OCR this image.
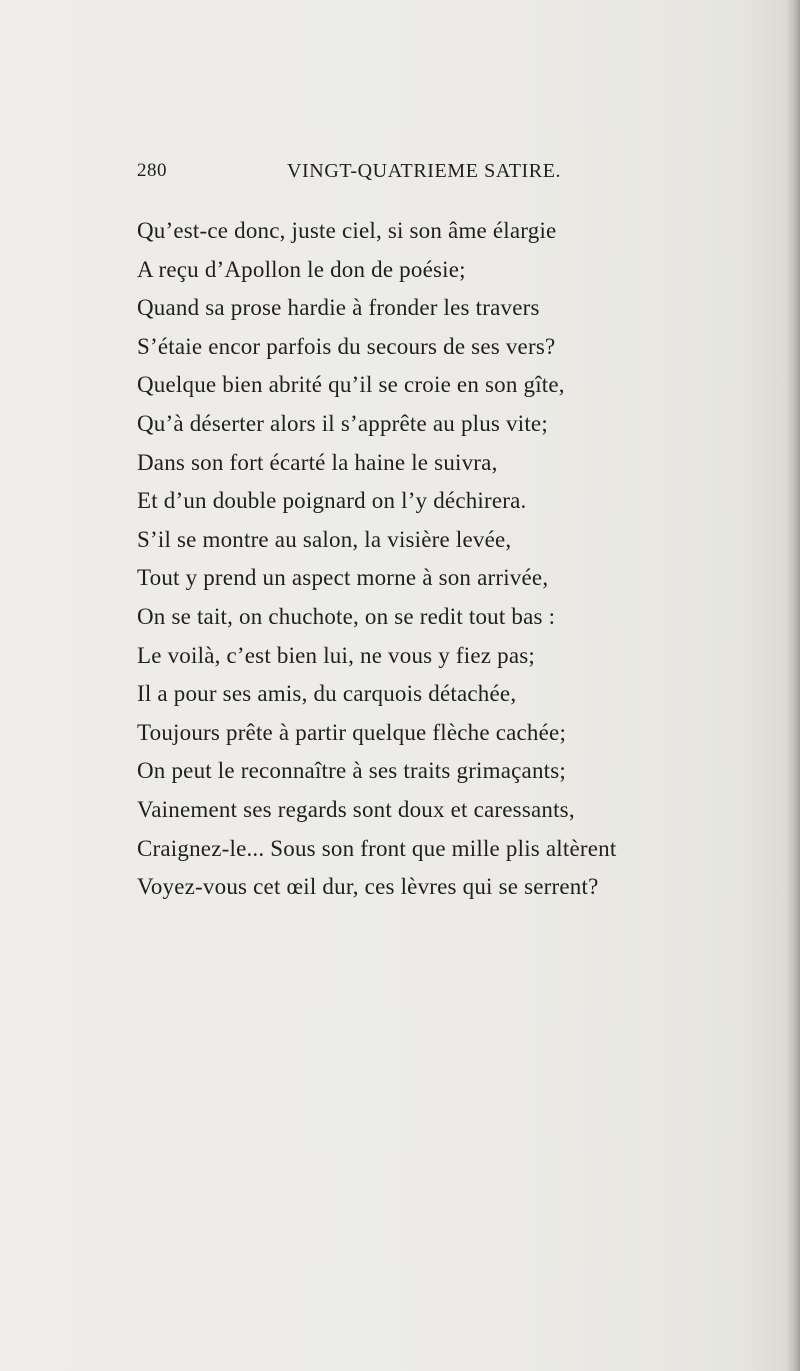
280	VINGT-QUATRIEME SATIRE.
Qu’est-ce donc, juste ciel, si son âme élargie
A reçu d’Apollon le don de poésie;
Quand sa prose hardie à fronder les travers
S’étaie encor parfois du secours de ses vers?
Quelque bien abrité qu’il se croie en son gîte,
Qu’à déserter alors il s’apprête au plus vite;
Dans son fort écarté la haine le suivra,
Et d’un double poignard on l’y déchirera.
S’il se montre au salon, la visière levée,
Tout y prend un aspect morne à son arrivée,
On se tait, on chuchote, on se redit tout bas :
Le voilà, c’est bien lui, ne vous y fiez pas;
Il a pour ses amis, du carquois détachée,
Toujours prête à partir quelque flèche cachée;
On peut le reconnaître à ses traits grimaçants;
Vainement ses regards sont doux et caressants,
Craignez-le... Sous son front que mille plis altèrent
Voyez-vous cet œil dur, ces lèvres qui se serrent?
